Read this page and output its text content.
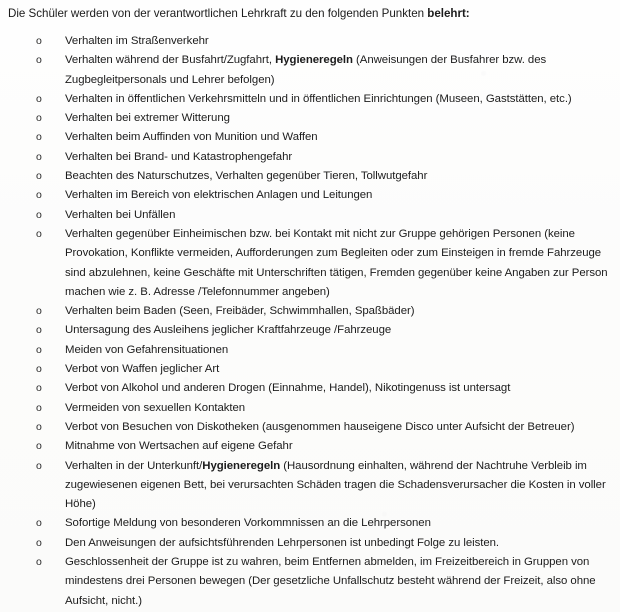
Die Schüler werden von der verantwortlichen Lehrkraft zu den folgenden Punkten belehrt:

o	Verhalten im Straßenverkehr
o	Verhalten während der Busfahrt/Zugfahrt, Hygieneregeln (Anweisungen der Busfahrer bzw. des Zugbegleitpersonals und Lehrer befolgen)
o	Verhalten in öffentlichen Verkehrsmitteln und in öffentlichen Einrichtungen (Museen, Gaststätten, etc.)
o	Verhalten bei extremer Witterung
o	Verhalten beim Auffinden von Munition und Waffen
o	Verhalten bei Brand- und Katastrophengefahr
o	Beachten des Naturschutzes, Verhalten gegenüber Tieren, Tollwutgefahr
o	Verhalten im Bereich von elektrischen Anlagen und Leitungen
o	Verhalten bei Unfällen
o	Verhalten gegenüber Einheimischen bzw. bei Kontakt mit nicht zur Gruppe gehörigen Personen (keine Provokation, Konflikte vermeiden, Aufforderungen zum Begleiten oder zum Einsteigen in fremde Fahrzeuge sind abzulehnen, keine Geschäfte mit Unterschriften tätigen, Fremden gegenüber keine Angaben zur Person machen wie z. B. Adresse /Telefonnummer angeben)
o	Verhalten beim Baden (Seen, Freibäder, Schwimmhallen, Spaßbäder)
o	Untersagung des Ausleihens jeglicher Kraftfahrzeuge /Fahrzeuge
o	Meiden von Gefahrensituationen
o	Verbot von Waffen jeglicher Art
o	Verbot von Alkohol und anderen Drogen (Einnahme, Handel), Nikotingenuss ist untersagt
o	Vermeiden von sexuellen Kontakten
o	Verbot von Besuchen von Diskotheken (ausgenommen hauseigene Disco unter Aufsicht der Betreuer)
o	Mitnahme von Wertsachen auf eigene Gefahr
o	Verhalten in der Unterkunft/Hygieneregeln (Hausordnung einhalten, während der Nachtruhe Verbleib im zugewiesenen eigenen Bett, bei verursachten Schäden tragen die Schadensverursacher die Kosten in voller Höhe)
o	Sofortige Meldung von besonderen Vorkommnissen an die Lehrpersonen
o	Den Anweisungen der aufsichtsführenden Lehrpersonen ist unbedingt Folge zu leisten.
o	Geschlossenheit der Gruppe ist zu wahren, beim Entfernen abmelden, im Freizeitbereich in Gruppen von mindestens drei Personen bewegen (Der gesetzliche Unfallschutz besteht während der Freizeit, also ohne Aufsicht, nicht.)
